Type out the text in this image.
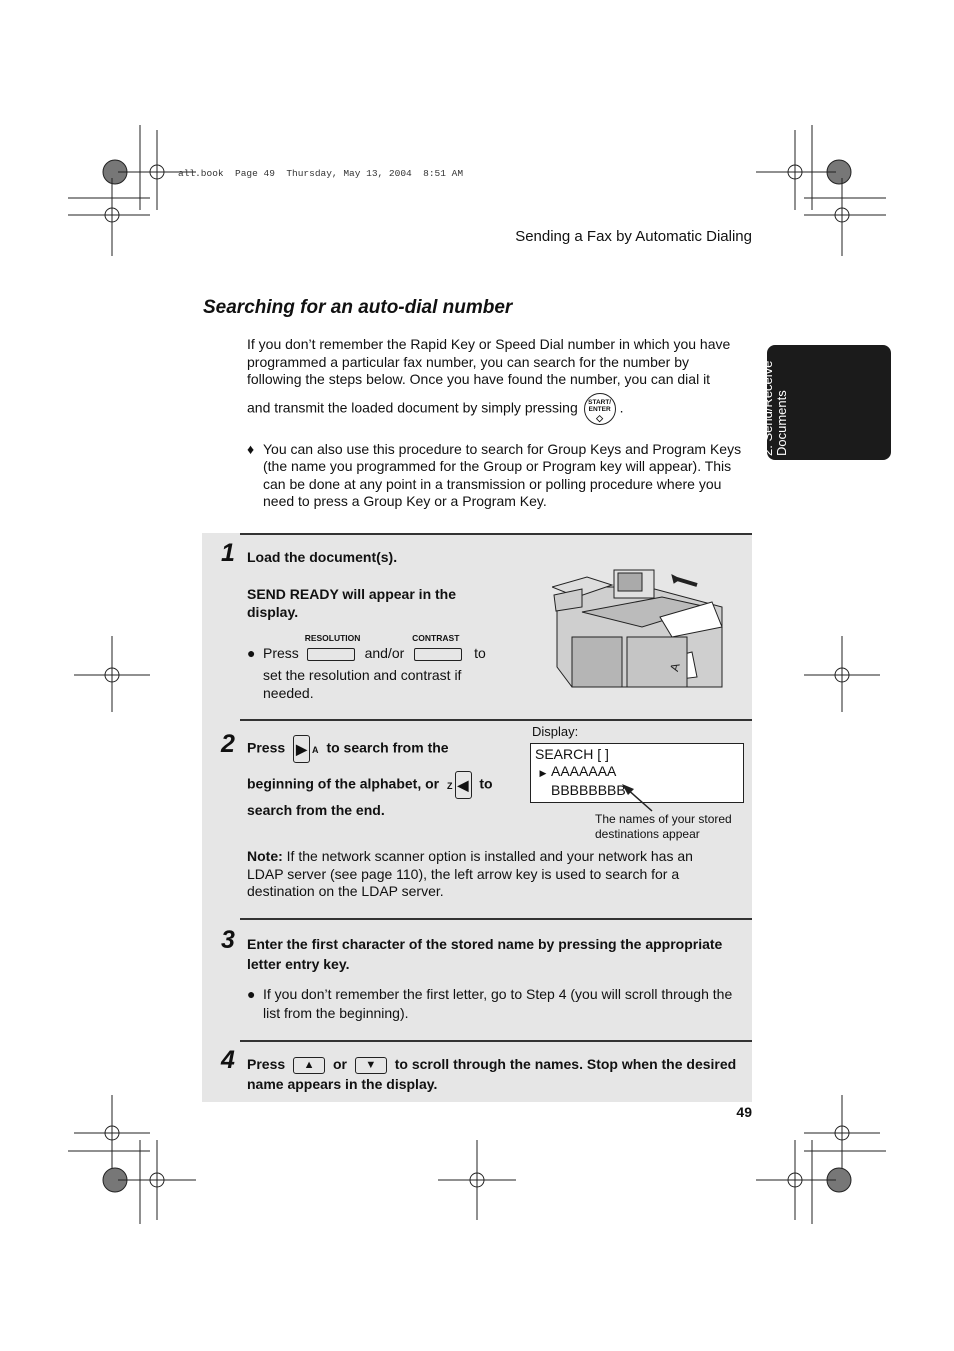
all.book  Page 49  Thursday, May 13, 2004  8:51 AM
Sending a Fax by Automatic Dialing
Searching for an auto-dial number

If you don’t remember the Rapid Key or Speed Dial number in which you have programmed a particular fax number, you can search for the number by following the steps below. Once you have found the number, you can dial it

and transmit the loaded document by simply pressing START/
ENTER
◇
.

♦ You can also use this procedure to search for Group Keys and Program Keys (the name you programmed for the Group or Program key will appear). This can be done at any point in a transmission or polling procedure where you need to press a Group Key or a Program Key.
2. Send/Receive
Documents
1 Load the document(s).
SEND READY will appear in the display.
● Press
RESOLUTION
and/or
CONTRAST
to
set the resolution and contrast if needed.
A
2 Press ▶ A to search from the
beginning of the alphabet, or Z ◀ to
search from the end.
Display:
SEARCH [ ]
▶ AAAAAAA
BBBBBBBB
The names of your stored destinations appear
Note: If the network scanner option is installed and your network has an LDAP server (see page 110), the left arrow key is used to search for a destination on the LDAP server.
3 Enter the first character of the stored name by pressing the appropriate letter entry key.
● If you don’t remember the first letter, go to Step 4 (you will scroll through the list from the beginning).
4 Press ▲ or ▼ to scroll through the names. Stop when the desired name appears in the display.
49
